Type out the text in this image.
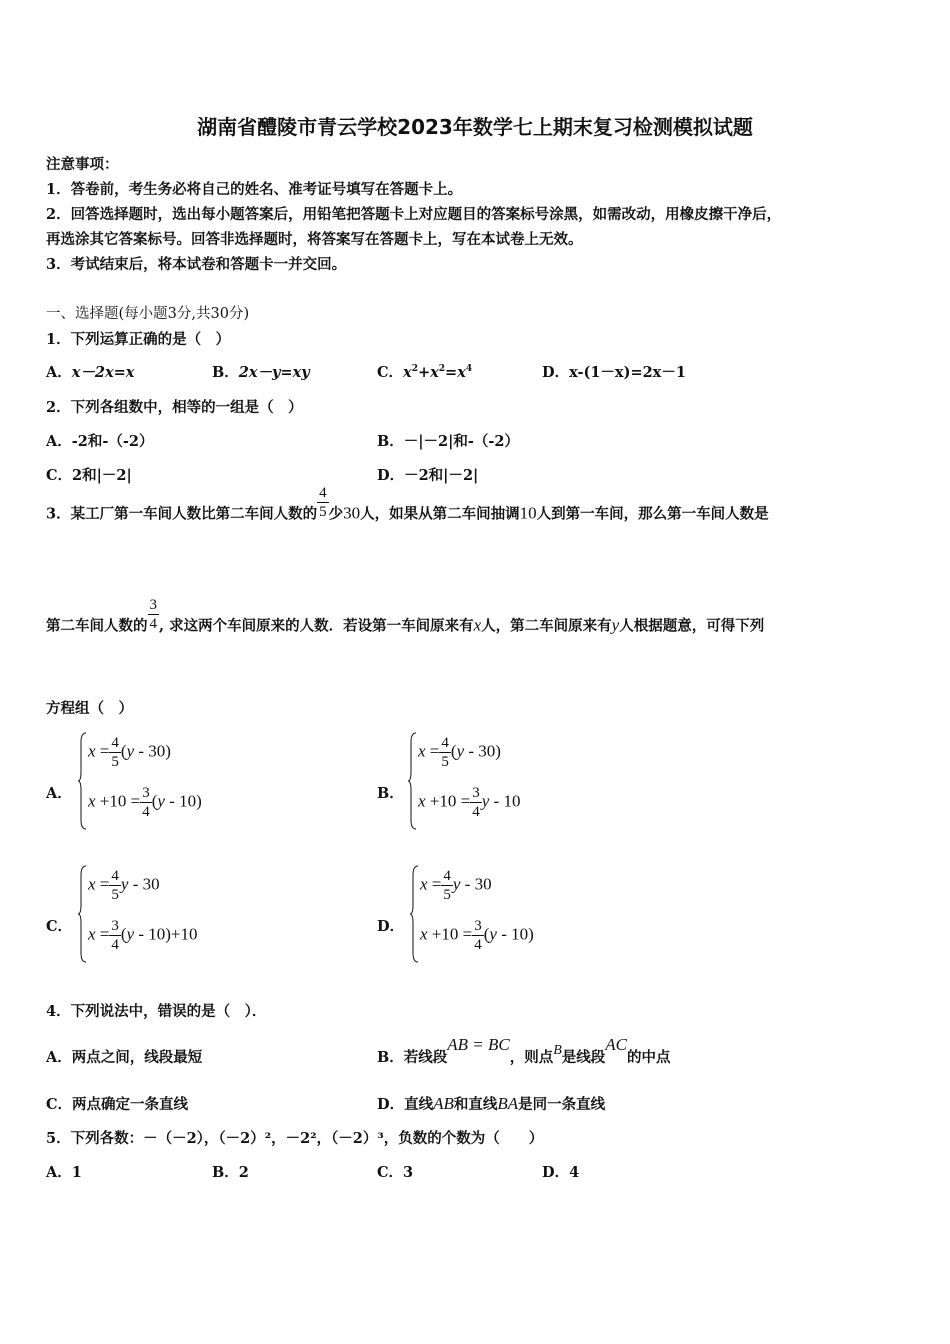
湖南省醴陵市青云学校2023年数学七上期末复习检测模拟试题
注意事项：
1．答卷前，考生务必将自己的姓名、准考证号填写在答题卡上。
2．回答选择题时，选出每小题答案后，用铅笔把答题卡上对应题目的答案标号涂黑，如需改动，用橡皮擦干净后，
再选涂其它答案标号。回答非选择题时，将答案写在答题卡上，写在本试卷上无效。
3．考试结束后，将本试卷和答题卡一并交回。
一、选择题(每小题3分,共30分)
1．下列运算正确的是（　）
A．x－2x=x	B．2x－y=xy	C．$x^2+x^2=x^4$	D．x-(1－x)=2x－1
2．下列各组数中，相等的一组是（　）
A．-2和-（-2）	B．－|－2|和-（-2）
C．2和|－2|	D．－2和|－2|
3．某工厂第一车间人数比第二车间人数的 $\frac{4}{5}$ 少30人，如果从第二车间抽调10人到第一车间，那么第一车间人数是
第二车间人数的 $\frac{3}{4}$ , 求这两个车间原来的人数．若设第一车间原来有x人，第二车间原来有y人根据题意，可得下列
方程组（　）
A．
$x = \frac{4}{5} (y - 30)$
$x +10 = \frac{3}{4} (y - 10)$	B．
$x = \frac{4}{5} (y - 30)$
$x +10 = \frac{3}{4}$ y - 10
C．
$x = \frac{4}{5}$ y - 30
$x = \frac{3}{4} (y - 10)+10$	D．
$x = \frac{4}{5}$ y - 30
$x +10 = \frac{3}{4} (y - 10)$
4．下列说法中，错误的是（　）．
A．两点之间，线段最短	B．若线段AB = BC，则点B是线段AC的中点
C．两点确定一条直线	D．直线AB和直线BA是同一条直线
5．下列各数：－（－2），（－2）²，－2²，（－2）³，负数的个数为（　　）
A．1	B．2	C．3	D．4
